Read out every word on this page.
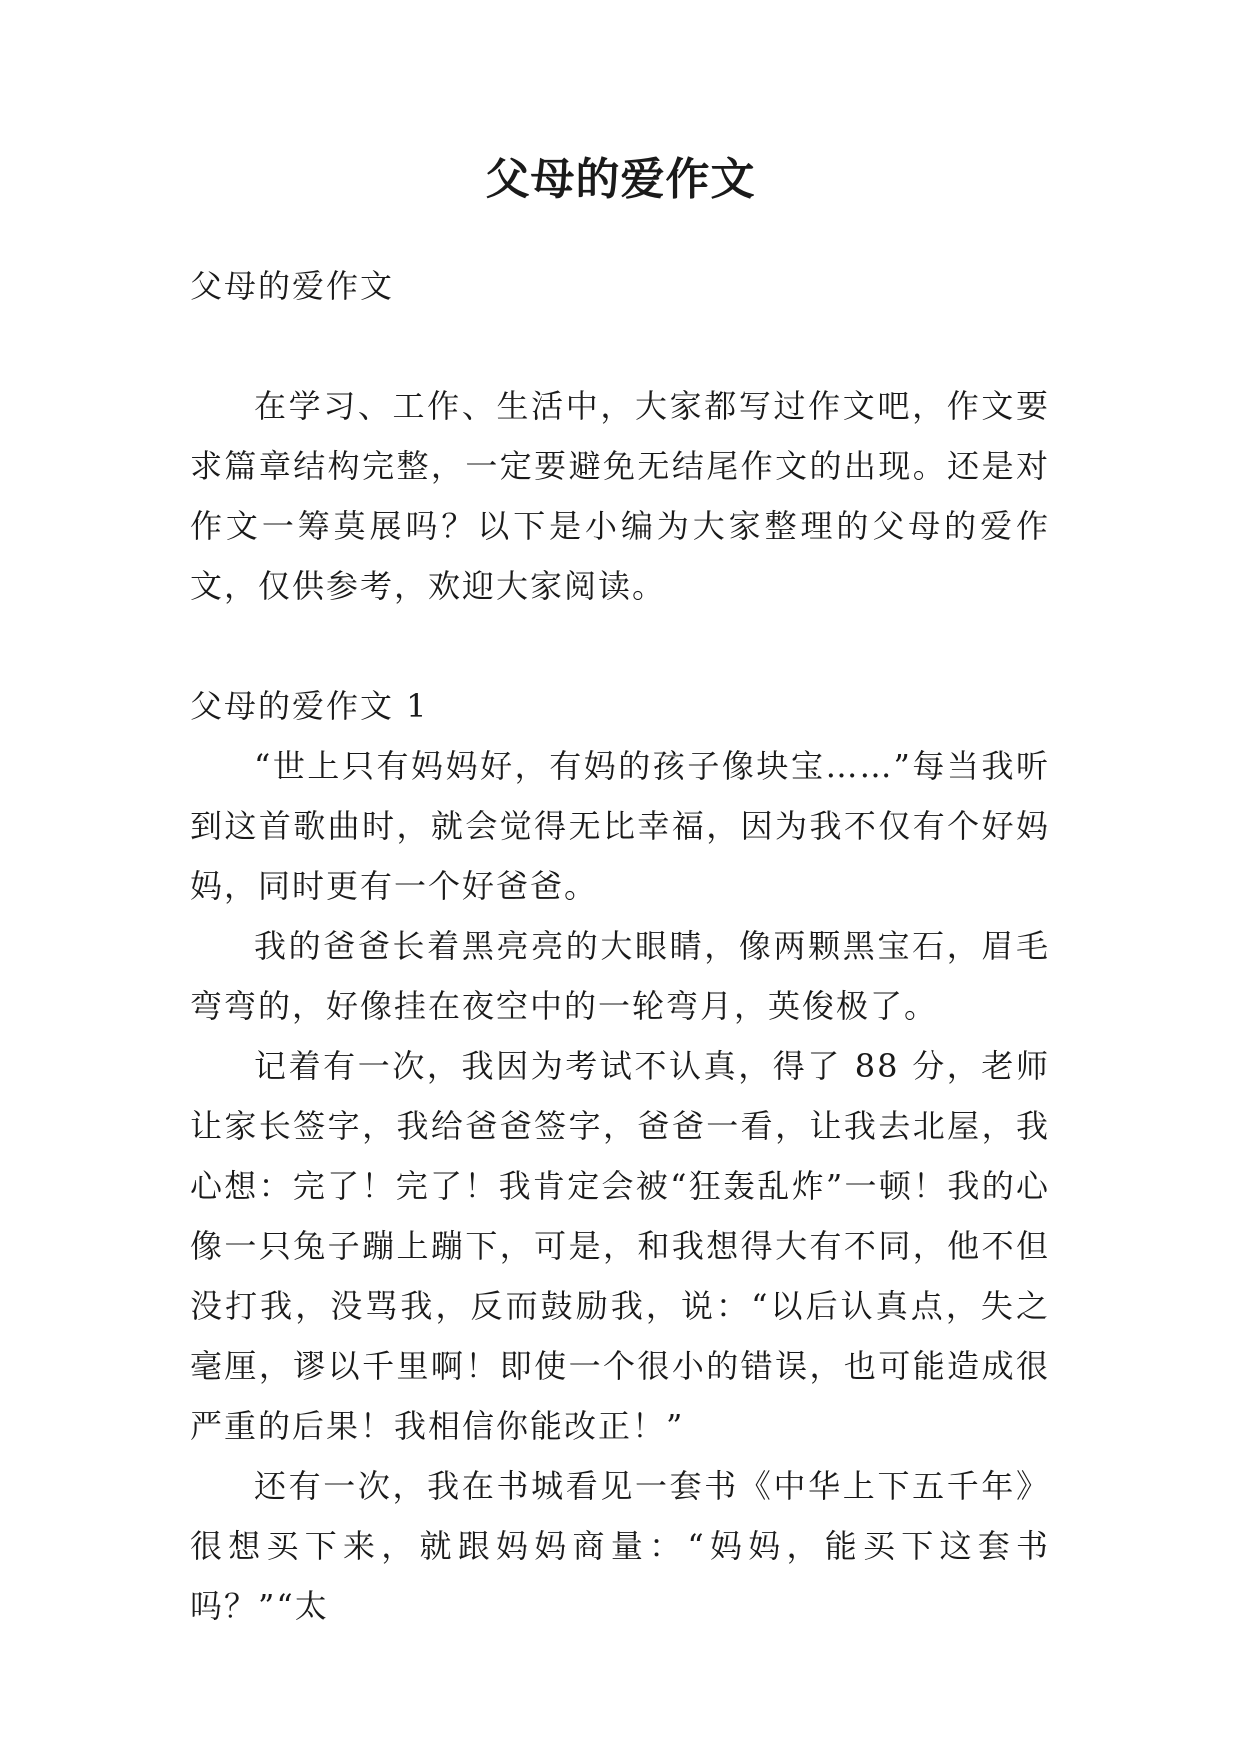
父母的爱作文

父母的爱作文

在学习、工作、生活中，大家都写过作文吧，作文要求篇章结构完整，一定要避免无结尾作文的出现。还是对作文一筹莫展吗？以下是小编为大家整理的父母的爱作文，仅供参考，欢迎大家阅读。

父母的爱作文 1

“世上只有妈妈好，有妈的孩子像块宝……”每当我听到这首歌曲时，就会觉得无比幸福，因为我不仅有个好妈妈，同时更有一个好爸爸。

我的爸爸长着黑亮亮的大眼睛，像两颗黑宝石，眉毛弯弯的，好像挂在夜空中的一轮弯月，英俊极了。

记着有一次，我因为考试不认真，得了 88 分，老师让家长签字，我给爸爸签字，爸爸一看，让我去北屋，我心想：完了！完了！我肯定会被“狂轰乱炸”一顿！我的心像一只兔子蹦上蹦下，可是，和我想得大有不同，他不但没打我，没骂我，反而鼓励我，说：“以后认真点，失之毫厘，谬以千里啊！即使一个很小的错误，也可能造成很严重的后果！我相信你能改正！”

还有一次，我在书城看见一套书《中华上下五千年》很想买下来，就跟妈妈商量：“妈妈，能买下这套书吗？”“太
